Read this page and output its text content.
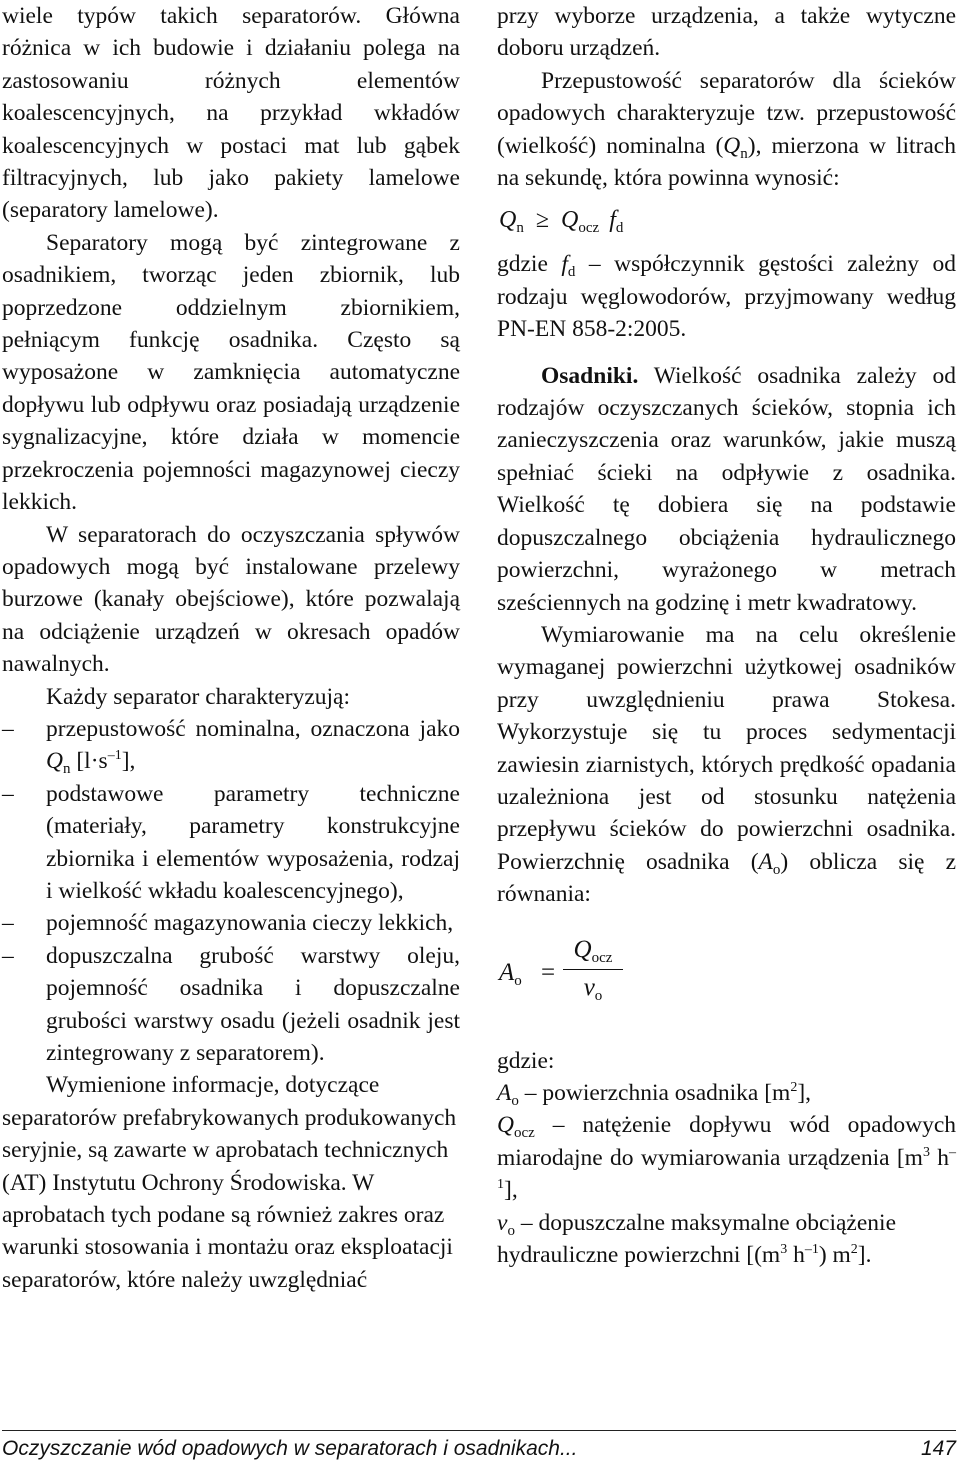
wiele typów takich separatorów. Główna różnica w ich budowie i działaniu polega na zastosowaniu różnych elementów koalescencyjnych, na przykład wkładów koalescencyjnych w postaci mat lub gąbek filtracyjnych, lub jako pakiety lamelowe (separatory lamelowe).

Separatory mogą być zintegrowane z osadnikiem, tworząc jeden zbiornik, lub poprzedzone oddzielnym zbiornikiem, pełniącym funkcję osadnika. Często są wyposażone w zamknięcia automatyczne dopływu lub odpływu oraz posiadają urządzenie sygnalizacyjne, które działa w momencie przekroczenia pojemności magazynowej cieczy lekkich.

W separatorach do oczyszczania spływów opadowych mogą być instalowane przelewy burzowe (kanały obejściowe), które pozwalają na odciążenie urządzeń w okresach opadów nawalnych.

Każdy separator charakteryzują:

–	przepustowość nominalna, oznaczona jako $Q_n$ $[l\cdot s^{-1}]$,
–	podstawowe parametry techniczne (materiały, parametry konstrukcyjne zbiornika i elementów wyposażenia, rodzaj i wielkość wkładu koalescencyjnego),
–	pojemność magazynowania cieczy lekkich,
–	dopuszczalna grubość warstwy oleju, pojemność osadnika i dopuszczalne grubości warstwy osadu (jeżeli osadnik jest zintegrowany z separatorem).

Wymienione informacje, dotyczące separatorów prefabrykowanych produkowanych seryjnie, są zawarte w aprobatach technicznych (AT) Instytutu Ochrony Środowiska. W aprobatach tych podane są również zakres oraz warunki stosowania i montażu oraz eksploatacji separatorów, które należy uwzględniać

przy wyborze urządzenia, a także wytyczne doboru urządzeń.

Przepustowość separatorów dla ścieków opadowych charakteryzuje tzw. przepustowość (wielkość) nominalna $(Q_n)$, mierzona w litrach na sekundę, która powinna wynosić:

$Q_n \ge Q_{ocz}$ $f_d$

gdzie $f_d$ – współczynnik gęstości zależny od rodzaju węglowodorów, przyjmowany według PN-EN 858-2:2005.

Osadniki. Wielkość osadnika zależy od rodzajów oczyszczanych ścieków, stopnia ich zanieczyszczenia oraz warunków, jakie muszą spełniać ścieki na odpływie z osadnika. Wielkość tę dobiera się na podstawie dopuszczalnego obciążenia hydraulicznego powierzchni, wyrażonego w metrach sześciennych na godzinę i metr kwadratowy.

Wymiarowanie ma na celu określenie wymaganej powierzchni użytkowej osadników przy uwzględnieniu prawa Stokesa. Wykorzystuje się tu proces sedymentacji zawiesin ziarnistych, których prędkość opadania uzależniona jest od stosunku natężenia przepływu ścieków do powierzchni osadnika. Powierzchnię osadnika $(A_o)$ oblicza się z równania:

$A_o$ =
$Q_{ocz}$
$v_o$
gdzie:
$A_o$ – powierzchnia osadnika $[m^2]$,
$Q_{ocz}$ – natężenie dopływu wód opadowych miarodajne do wymiarowania urządzenia [$m^3$ $h^{-1}$],
$v_o$ – dopuszczalne maksymalne obciążenie hydrauliczne powierzchni [($m^3$ $h^{-1}$) $m^2$].
Oczyszczanie wód opadowych w separatorach i osadnikach...	147
